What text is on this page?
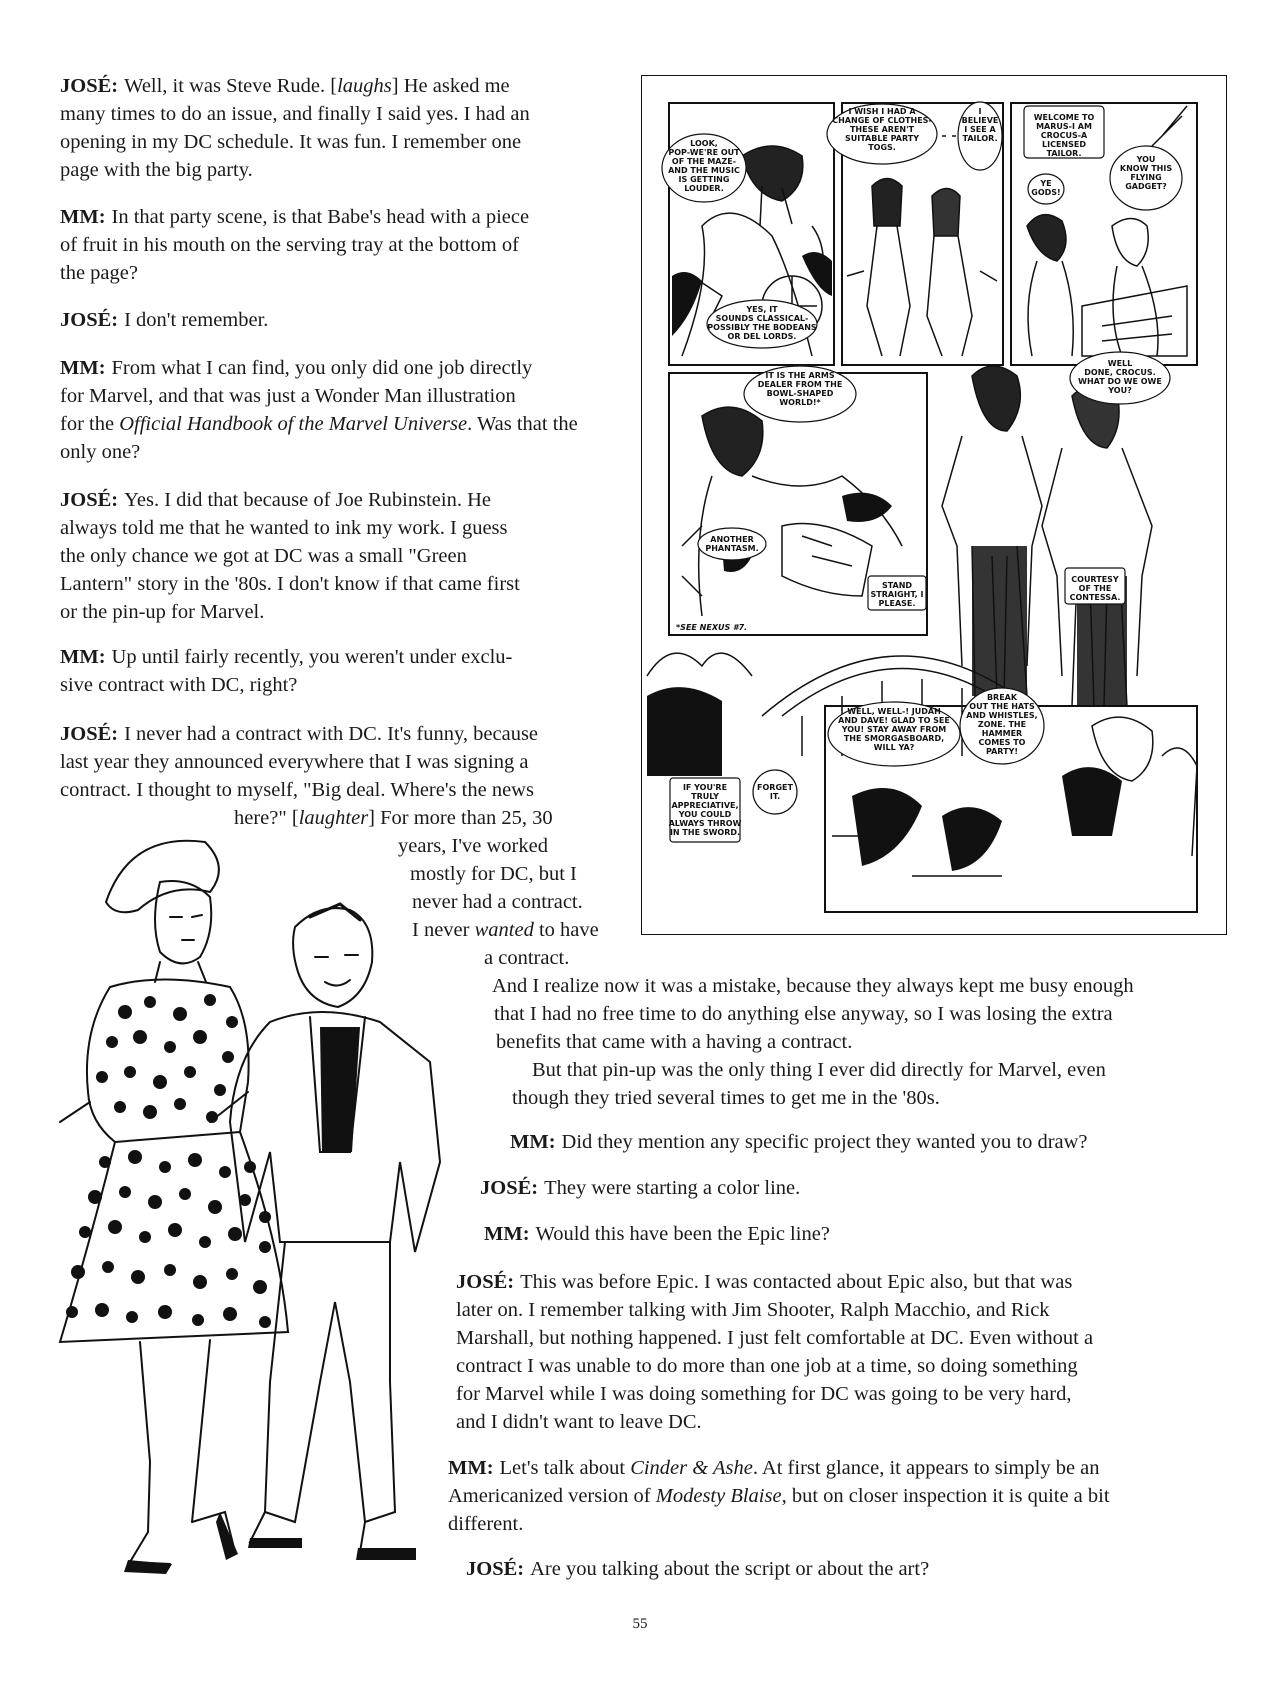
JOSÉ: Well, it was Steve Rude. [laughs] He asked me
many times to do an issue, and finally I said yes. I had an
opening in my DC schedule. It was fun. I remember one
page with the big party.
MM: In that party scene, is that Babe's head with a piece
of fruit in his mouth on the serving tray at the bottom of
the page?
JOSÉ: I don't remember.
MM: From what I can find, you only did one job directly
for Marvel, and that was just a Wonder Man illustration
for the Official Handbook of the Marvel Universe. Was that the
only one?
JOSÉ: Yes. I did that because of Joe Rubinstein. He
always told me that he wanted to ink my work. I guess
the only chance we got at DC was a small "Green
Lantern" story in the '80s. I don't know if that came first
or the pin-up for Marvel.
MM: Up until fairly recently, you weren't under exclu-
sive contract with DC, right?
JOSÉ: I never had a contract with DC. It's funny, because
last year they announced everywhere that I was signing a
contract. I thought to myself, "Big deal. Where's the news
here?" [laughter] For more than 25, 30
years, I've worked
mostly for DC, but I
never had a contract.
I never wanted to have
a contract.
And I realize now it was a mistake, because they always kept me busy enough
that I had no free time to do anything else anyway, so I was losing the extra
benefits that came with a having a contract.
But that pin-up was the only thing I ever did directly for Marvel, even
though they tried several times to get me in the '80s.
MM: Did they mention any specific project they wanted you to draw?
JOSÉ: They were starting a color line.
MM: Would this have been the Epic line?
JOSÉ: This was before Epic. I was contacted about Epic also, but that was
later on. I remember talking with Jim Shooter, Ralph Macchio, and Rick
Marshall, but nothing happened. I just felt comfortable at DC. Even without a
contract I was unable to do more than one job at a time, so doing something
for Marvel while I was doing something for DC was going to be very hard,
and I didn't want to leave DC.
MM: Let's talk about Cinder & Ashe. At first glance, it appears to simply be an
Americanized version of Modesty Blaise, but on closer inspection it is quite a bit
different.
JOSÉ: Are you talking about the script or about the art?
55
LOOK, POP-WE'RE OUT OF THE MAZE-AND THE MUSIC IS GETTING LOUDER.
YES, IT SOUNDS CLASSICAL-POSSIBLY THE BODEANS OR DEL LORDS.
I WISH I HAD A CHANGE OF CLOTHES-THESE AREN'T SUITABLE PARTY TOGS.
I BELIEVE I SEE A TAILOR.
WELCOME TO MARUS-I AM CROCUS-A LICENSED TAILOR.
YE GODS!
YOU KNOW THIS FLYING GADGET?
IT IS THE ARMS DEALER FROM THE BOWL-SHAPED WORLD!*
ANOTHER PHANTASM.
STAND STRAIGHT, I PLEASE.
WELL DONE, CROCUS. WHAT DO WE OWE YOU?
COURTESY OF THE CONTESSA.
WELL, WELL-! JUDAH AND DAVE! GLAD TO SEE YOU! STAY AWAY FROM THE SMORGASBOARD, WILL YA?
BREAK OUT THE HATS AND WHISTLES, ZONE. THE HAMMER COMES TO PARTY!
IF YOU'RE TRULY APPRECIATIVE, YOU COULD ALWAYS THROW IN THE SWORD.
FORGET IT.
*SEE NEXUS #7.
